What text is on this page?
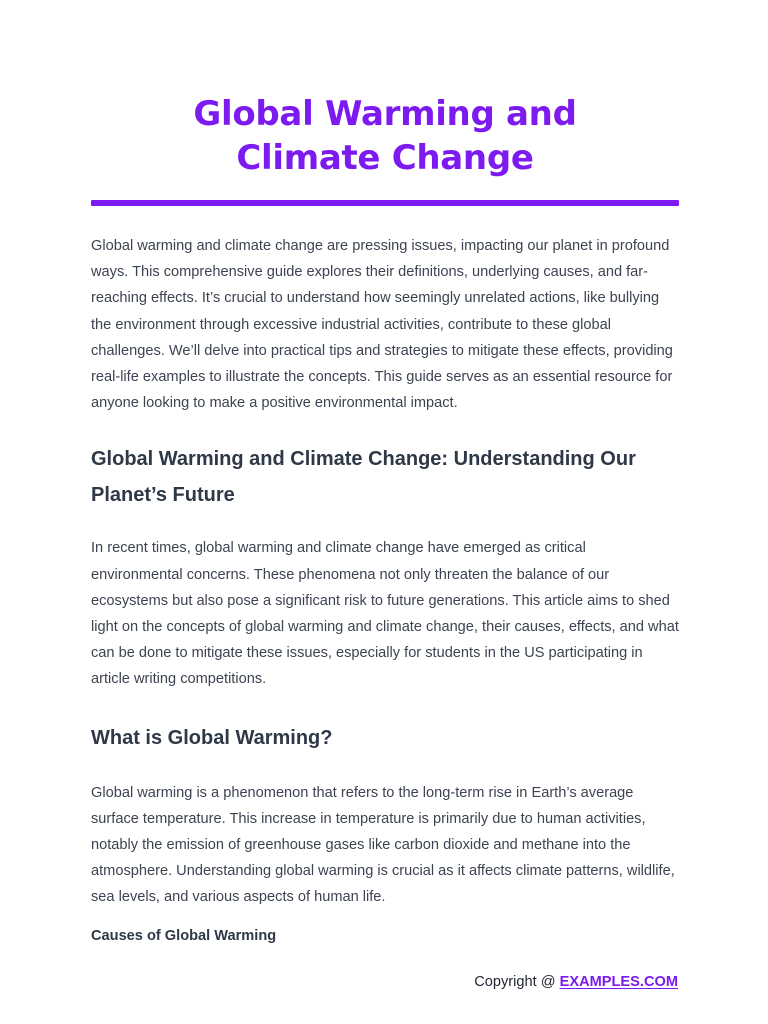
Global Warming and
Climate Change

Global warming and climate change are pressing issues, impacting our planet in profound ways. This comprehensive guide explores their definitions, underlying causes, and far-reaching effects. It’s crucial to understand how seemingly unrelated actions, like bullying the environment through excessive industrial activities, contribute to these global challenges. We’ll delve into practical tips and strategies to mitigate these effects, providing real-life examples to illustrate the concepts. This guide serves as an essential resource for anyone looking to make a positive environmental impact.

Global Warming and Climate Change: Understanding Our Planet’s Future

In recent times, global warming and climate change have emerged as critical environmental concerns. These phenomena not only threaten the balance of our ecosystems but also pose a significant risk to future generations. This article aims to shed light on the concepts of global warming and climate change, their causes, effects, and what can be done to mitigate these issues, especially for students in the US participating in article writing competitions.

What is Global Warming?

Global warming is a phenomenon that refers to the long-term rise in Earth’s average surface temperature. This increase in temperature is primarily due to human activities, notably the emission of greenhouse gases like carbon dioxide and methane into the atmosphere. Understanding global warming is crucial as it affects climate patterns, wildlife, sea levels, and various aspects of human life.

Causes of Global Warming
Copyright @ EXAMPLES.COM
